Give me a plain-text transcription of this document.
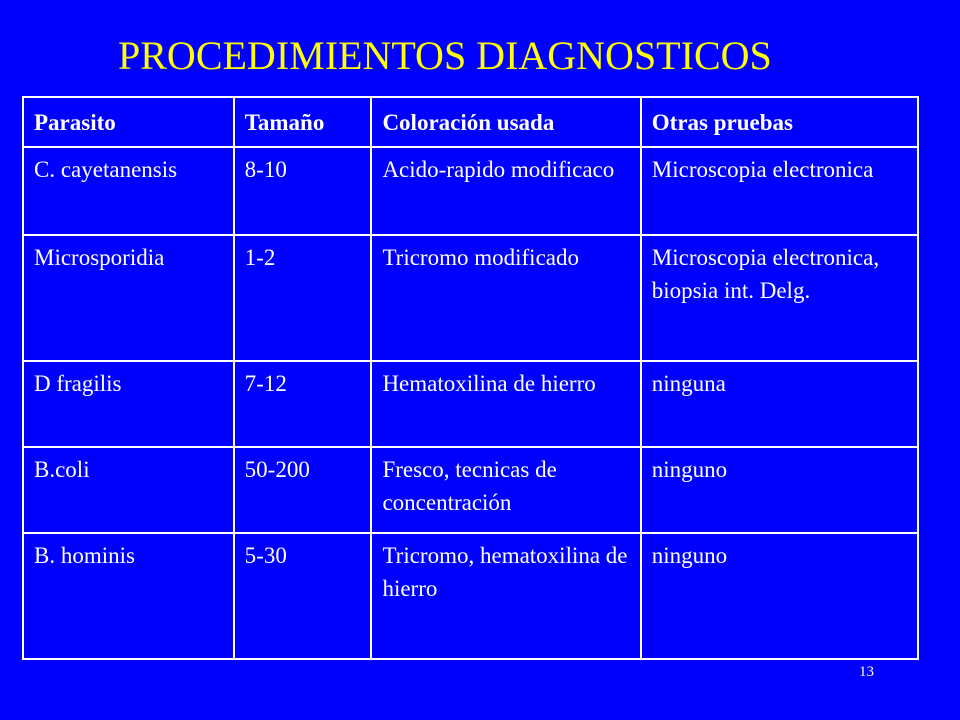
PROCEDIMIENTOS DIAGNOSTICOS
Parasito	Tamaño	Coloración usada	Otras pruebas
C. cayetanensis	8-10	Acido-rapido modificaco	Microscopia electronica
Microsporidia	1-2	Tricromo modificado	Microscopia electronica, biopsia int. Delg.
D fragilis	7-12	Hematoxilina de hierro	ninguna
B.coli	50-200	Fresco, tecnicas de concentración	ninguno
B. hominis	5-30	Tricromo, hematoxilina de hierro	ninguno
13
